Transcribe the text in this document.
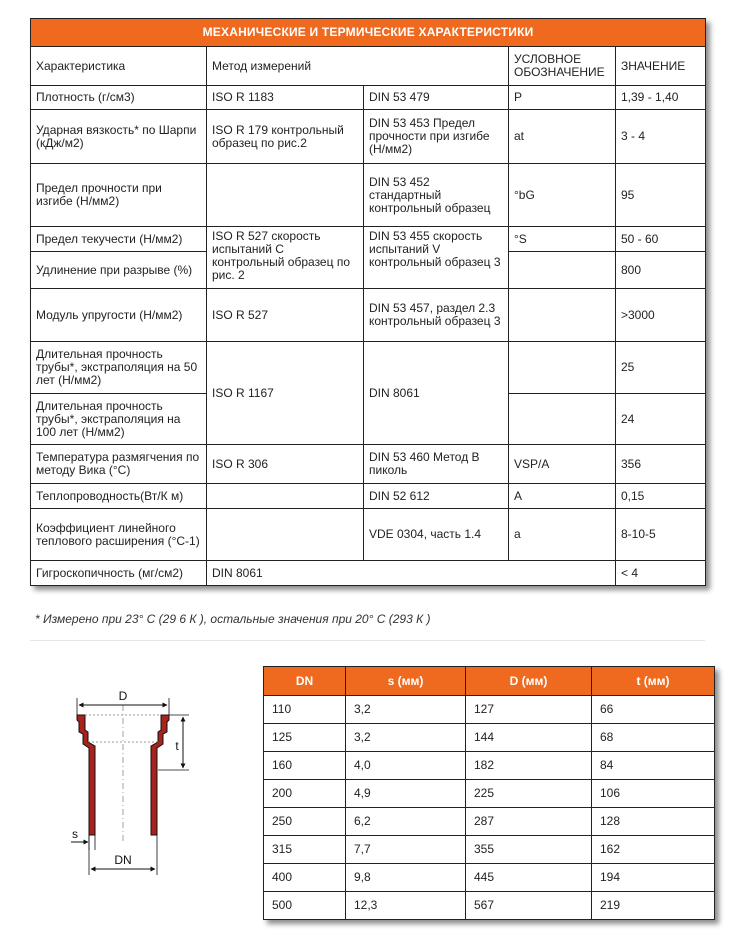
МЕХАНИЧЕСКИЕ И ТЕРМИЧЕСКИЕ ХАРАКТЕРИСТИКИ				
Характеристика	Метод измерений		УСЛОВНОЕ ОБОЗНАЧЕНИЕ	ЗНАЧЕНИЕ
Плотность (г/см3)	ISO R 1183	DIN 53 479	P	1,39 - 1,40
Ударная вязкость* по Шарпи (кДж/м2)	ISO R 179 контрольный образец по рис.2	DIN 53 453 Предел прочности при изгибе (Н/мм2)	at	3 - 4
Предел прочности при изгибе (Н/мм2)		DIN 53 452 стандартный контрольный образец	°bG	95
Предел текучести (Н/мм2)	ISO R 527 скорость испытаний С контрольный образец по рис. 2	DIN 53 455 скорость испытаний V контрольный образец 3	°S	50 - 60
Удлинение при разрыве (%)				800
Модуль упругости (Н/мм2)	ISO R 527	DIN 53 457, раздел 2.3 контрольный образец 3		>3000
Длительная прочность трубы*, экстраполяция на 50 лет (Н/мм2)	ISO R 1167	DIN 8061		25
Длительная прочность трубы*, экстраполяция на 100 лет (Н/мм2)				24
Температура размягчения по методу Вика (°С)	ISO R 306	DIN 53 460 Метод В пиколь	VSP/A	356
Теплопроводность(Вт/К м)		DIN 52 612	A	0,15
Коэффициент линейного теплового расширения (°С-1)		VDE 0304, часть 1.4	a	8-10-5
Гигроскопичность (мг/см2)	DIN 8061			< 4
* Измерено при 23° С (29 6 К ), остальные значения при 20° С (293 К )
D
t
s
DN
DN	s (мм)	D (мм)	t (мм)
110	3,2	127	66
125	3,2	144	68
160	4,0	182	84
200	4,9	225	106
250	6,2	287	128
315	7,7	355	162
400	9,8	445	194
500	12,3	567	219
